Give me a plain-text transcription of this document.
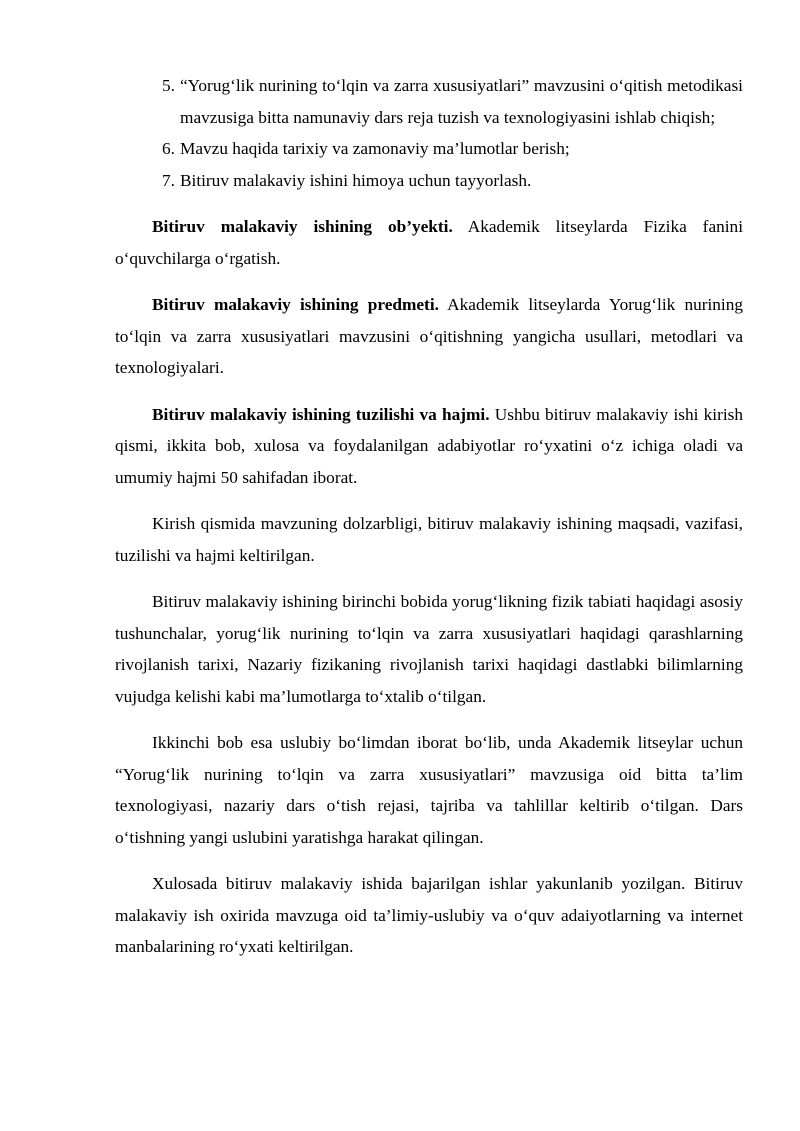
5. “Yorug‘lik nurining to‘lqin va zarra xususiyatlari” mavzusini o‘qitish metodikasi mavzusiga bitta namunaviy dars reja tuzish va texnologiyasini ishlab chiqish;
6. Mavzu haqida tarixiy va zamonaviy ma’lumotlar berish;
7. Bitiruv malakaviy ishini himoya uchun tayyorlash.

Bitiruv malakaviy ishining ob’yekti. Akademik litseylarda Fizika fanini o‘quvchilarga o‘rgatish.

Bitiruv malakaviy ishining predmeti. Akademik litseylarda Yorug‘lik nurining to‘lqin va zarra xususiyatlari mavzusini o‘qitishning yangicha usullari, metodlari va texnologiyalari.

Bitiruv malakaviy ishining tuzilishi va hajmi. Ushbu bitiruv malakaviy ishi kirish qismi, ikkita bob, xulosa va foydalanilgan adabiyotlar ro‘yxatini o‘z ichiga oladi va umumiy hajmi 50 sahifadan iborat.

Kirish qismida mavzuning dolzarbligi, bitiruv malakaviy ishining maqsadi, vazifasi, tuzilishi va hajmi keltirilgan.

Bitiruv malakaviy ishining birinchi bobida yorug‘likning fizik tabiati haqidagi asosiy tushunchalar, yorug‘lik nurining to‘lqin va zarra xususiyatlari haqidagi qarashlarning rivojlanish tarixi, Nazariy fizikaning rivojlanish tarixi haqidagi dastlabki bilimlarning vujudga kelishi kabi ma’lumotlarga to‘xtalib o‘tilgan.

Ikkinchi bob esa uslubiy bo‘limdan iborat bo‘lib, unda Akademik litseylar uchun “Yorug‘lik nurining to‘lqin va zarra xususiyatlari” mavzusiga oid bitta ta’lim texnologiyasi, nazariy dars o‘tish rejasi, tajriba va tahlillar keltirib o‘tilgan. Dars o‘tishning yangi uslubini yaratishga harakat qilingan.

Xulosada bitiruv malakaviy ishida bajarilgan ishlar yakunlanib yozilgan. Bitiruv malakaviy ish oxirida mavzuga oid ta’limiy-uslubiy va o‘quv adaiyotlarning va internet manbalarining ro‘yxati keltirilgan.
